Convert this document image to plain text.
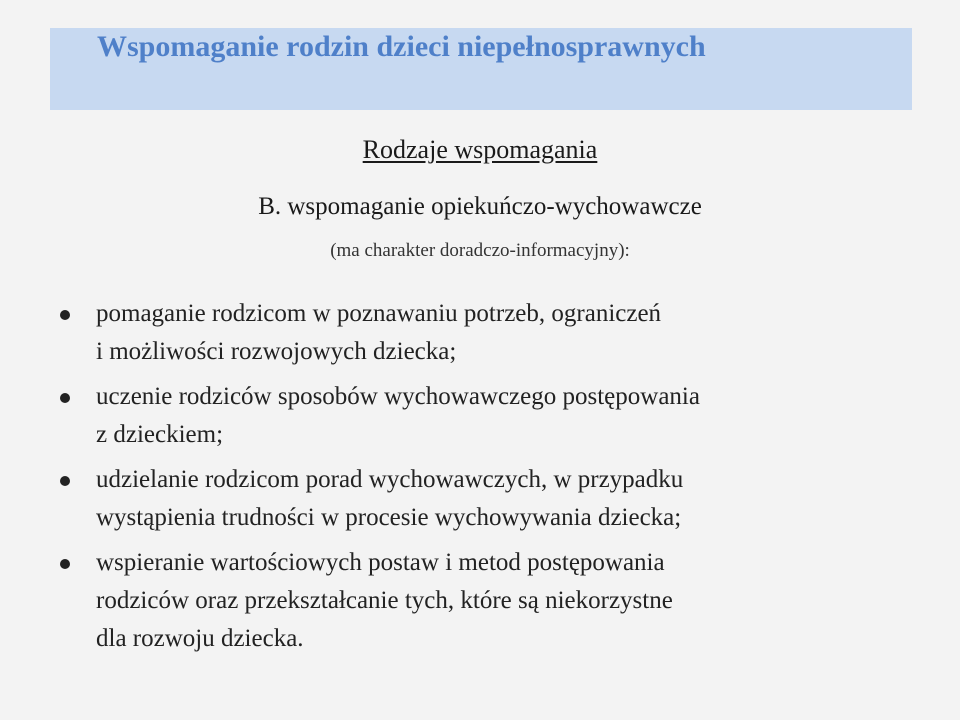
Wspomaganie rodzin dzieci niepełnosprawnych
Rodzaje wspomagania
B. wspomaganie opiekuńczo-wychowawcze
(ma charakter doradczo-informacyjny):
pomaganie rodzicom w poznawaniu potrzeb, ograniczeń
i możliwości rozwojowych dziecka;
uczenie rodziców sposobów wychowawczego postępowania
z dzieckiem;
udzielanie rodzicom porad wychowawczych, w przypadku
wystąpienia trudności w procesie wychowywania dziecka;
wspieranie wartościowych postaw i metod postępowania
rodziców oraz przekształcanie tych, które są niekorzystne
dla rozwoju dziecka.
